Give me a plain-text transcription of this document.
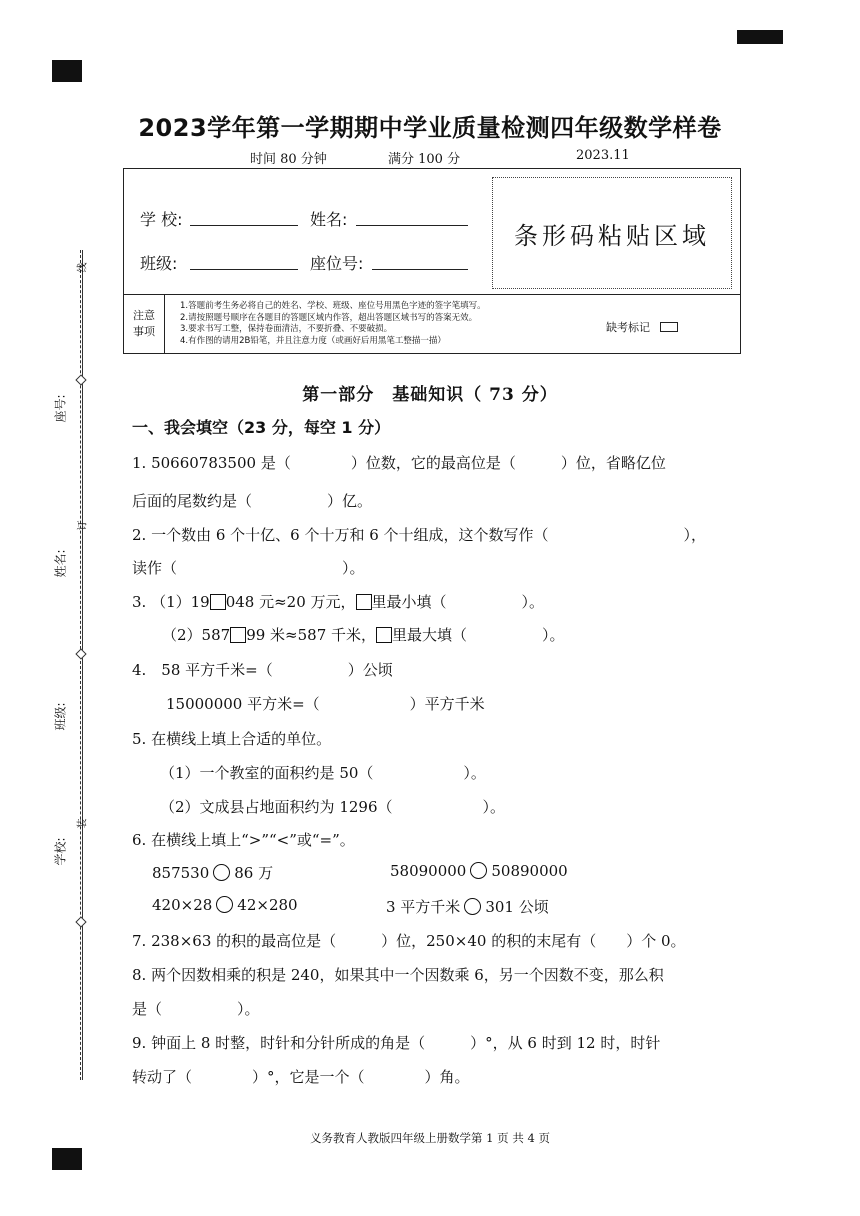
座号:
姓名:
班级:
学校:
线
订
装
2023学年第一学期期中学业质量检测四年级数学样卷
时间 80 分钟	满分 100 分	2023.11
学 校:	姓名:
班级:	座位号:
条形码粘贴区域
注意
事项
1.答题前考生务必将自己的姓名、学校、班级、座位号用黑色字迹的签字笔填写。
2.请按照题号顺序在各题目的答题区域内作答，超出答题区域书写的答案无效。
3.要求书写工整，保持卷面清洁，不要折叠、不要破损。
4.有作图的请用2B铅笔，并且注意力度（或画好后用黑笔工整描一描）
缺考标记
第一部分　基础知识（ 73 分）
一、我会填空（23 分，每空 1 分）
1. 50660783500 是（　　　　）位数，它的最高位是（　　　）位，省略亿位
后面的尾数约是（　　　　　）亿。
2. 一个数由 6 个十亿、6 个十万和 6 个十组成，这个数写作（　　　　　　　　　），
读作（　　　　　　　　　　　）。
3. （1）19 048 元≈20 万元， 里最小填（　　　　　）。
（2）587 99 米≈587 千米， 里最大填（　　　　　）。
4.　58 平方千米=（　　　　　）公顷
15000000 平方米=（　　　　　　）平方千米
5. 在横线上填上合适的单位。
（1）一个教室的面积约是 50（　　　　　　）。
（2）文成县占地面积约为 1296（　　　　　　）。
6. 在横线上填上“>”“<”或“=”。
857530 86 万	58090000 50890000
420×28 42×280	3 平方千米 301 公顷
7. 238×63 的积的最高位是（　　　）位，250×40 的积的末尾有（　　）个 0。
8. 两个因数相乘的积是 240，如果其中一个因数乘 6，另一个因数不变，那么积
是（　　　　　）。
9. 钟面上 8 时整，时针和分针所成的角是（　　　）°，从 6 时到 12 时，时针
转动了（　　　　）°，它是一个（　　　　）角。
义务教育人教版四年级上册数学第 1 页 共 4 页
